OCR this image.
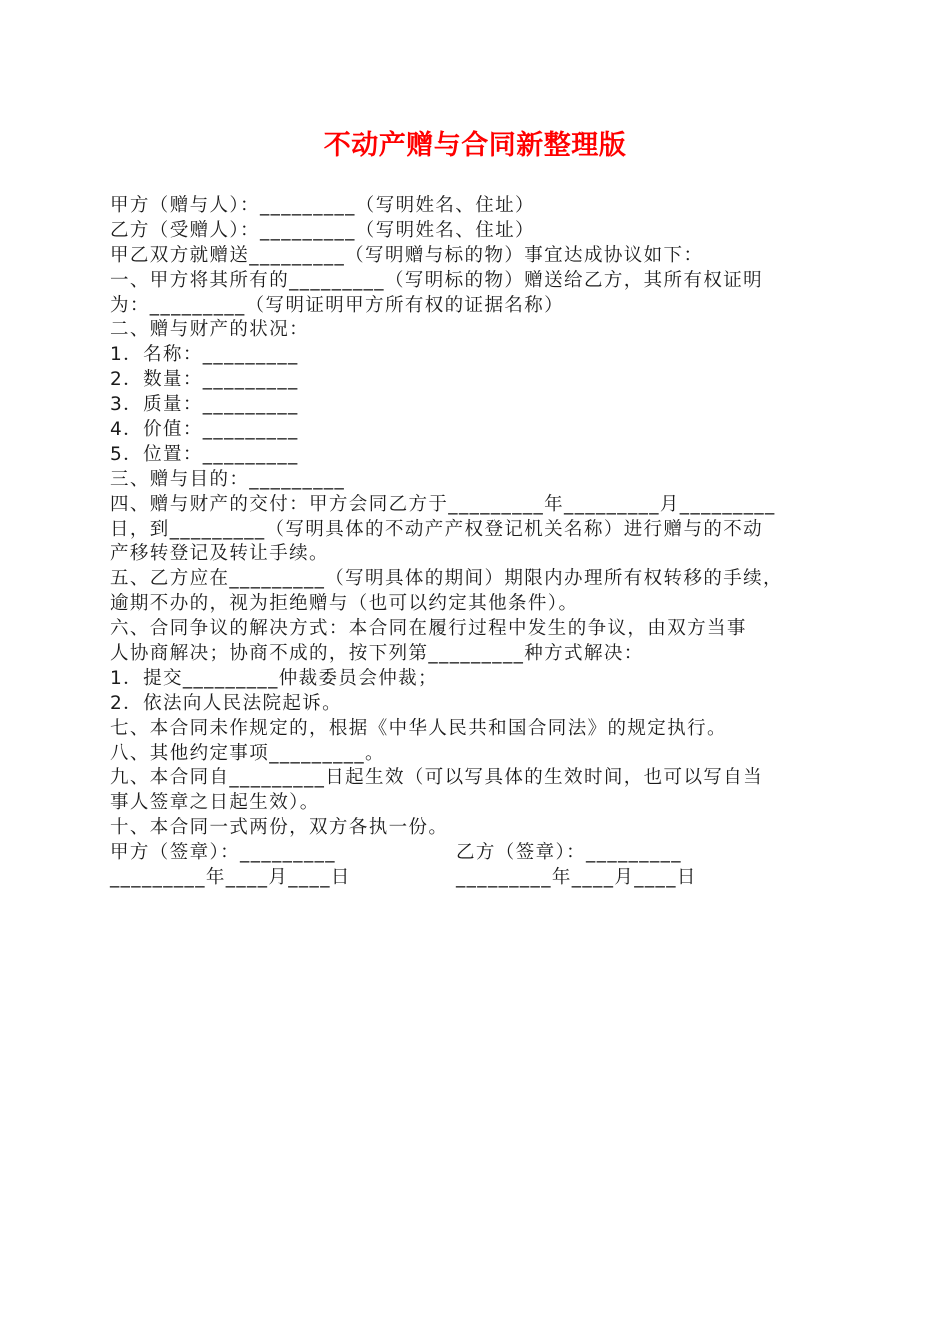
不动产赠与合同新整理版
甲方（赠与人）：_________（写明姓名、住址）
乙方（受赠人）：_________（写明姓名、住址）
甲乙双方就赠送_________（写明赠与标的物）事宜达成协议如下：
一、甲方将其所有的_________（写明标的物）赠送给乙方，其所有权证明
为：_________（写明证明甲方所有权的证据名称）
二、赠与财产的状况：
1．名称：_________
2．数量：_________
3．质量：_________
4．价值：_________
5．位置：_________
三、赠与目的：_________
四、赠与财产的交付：甲方会同乙方于_________年_________月_________
日，到_________（写明具体的不动产产权登记机关名称）进行赠与的不动
产移转登记及转让手续。
五、乙方应在_________（写明具体的期间）期限内办理所有权转移的手续，
逾期不办的，视为拒绝赠与（也可以约定其他条件）。
六、合同争议的解决方式：本合同在履行过程中发生的争议，由双方当事
人协商解决；协商不成的，按下列第_________种方式解决：
1．提交_________仲裁委员会仲裁；
2．依法向人民法院起诉。
七、本合同未作规定的，根据《中华人民共和国合同法》的规定执行。
八、其他约定事项_________。
九、本合同自_________日起生效（可以写具体的生效时间，也可以写自当
事人签章之日起生效）。
十、本合同一式两份，双方各执一份。
甲方（签章）：_________	乙方（签章）：_________
_________年____月____日	_________年____月____日
